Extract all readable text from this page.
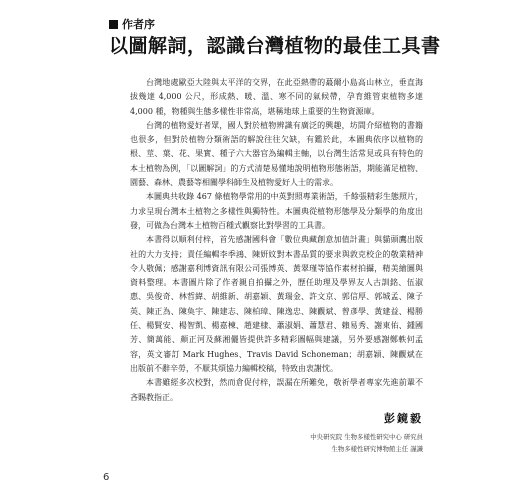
作者序
以圖解詞，認識台灣植物的最佳工具書

台灣地處歐亞大陸與太平洋的交界，在此亞熱帶的蕞爾小島高山林立，垂直海拔幾達 4,000 公尺，形成熱、暖、溫、寒不同的氣候帶，孕育維管束植物多達 4,000 種，物種與生態多樣性非常高，堪稱地球上重要的生物資源庫。

台灣的植物愛好者眾，國人對於植物辨識有廣泛的興趣，坊間介紹植物的書籍也很多，但對於植物分類術語的解說往往欠缺，有鑑於此，本圖典依序以植物的根、莖、葉、花、果實、種子六大器官為編輯主軸，以台灣生活常見或具有特色的本土植物為例，「以圖解詞」的方式清楚易懂地說明植物形態術語，期能滿足植物、園藝、森林、農藝等相關學科師生及植物愛好人士的需求。

本圖典共收錄 467 條植物學常用的中英對照專業術語，千餘張精彩生態照片，力求呈現台灣本土植物之多樣性與獨特性。本圖典從植物形態學及分類學的角度出發，可做為台灣本土植物百種式觀察比對學習的工具書。

本書得以順利付梓，首先感謝國科會「數位典藏創意加值計畫」與貓頭鷹出版社的大力支持；責任編輯李季鴻、陳妍妏對本書品質的要求與敦克校企的敬業精神令人敬佩；感謝嘉利博資訊有限公司張博英、黃翠瑾等協作素材拍攝，精美繪圖與資料整理。本書圖片除了作者親自拍攝之外，歷任助理及學界友人古訓銘、伍淑惠、吳俊奇、林哲緯、胡維新、胡嘉穎、黃瑞金、許文京、郭信厚、郭城孟、陳子英、陳正為、陳奐宇、陳建志、陳柏璋、陳逸忠、陳觀斌、曾彥學、黃建益、楊勝任、楊賢安、楊智凱、楊嘉棟、趙建棣、蕭淑娟、蕭慧君、賴易秀、謝東佑、鍾國芳、簡萬能、顏正河及蘇湘儷皆提供許多精彩圖幅與建議，另外要感謝鄭軼何孟容，英文審訂 Mark Hughes、Travis David Schoneman；胡嘉穎、陳觀斌在出版前不辭辛勞，不厭其煩協力編輯校稿，特致由衷謝忱。

本書雖經多次校對，然而倉促付梓，誤漏在所難免，敬祈學者專家先進前輩不吝賜教指正。

彭鏡毅
中央研究院 生物多樣性研究中心 研究員
生物多樣性研究博物館主任 謹識
6
